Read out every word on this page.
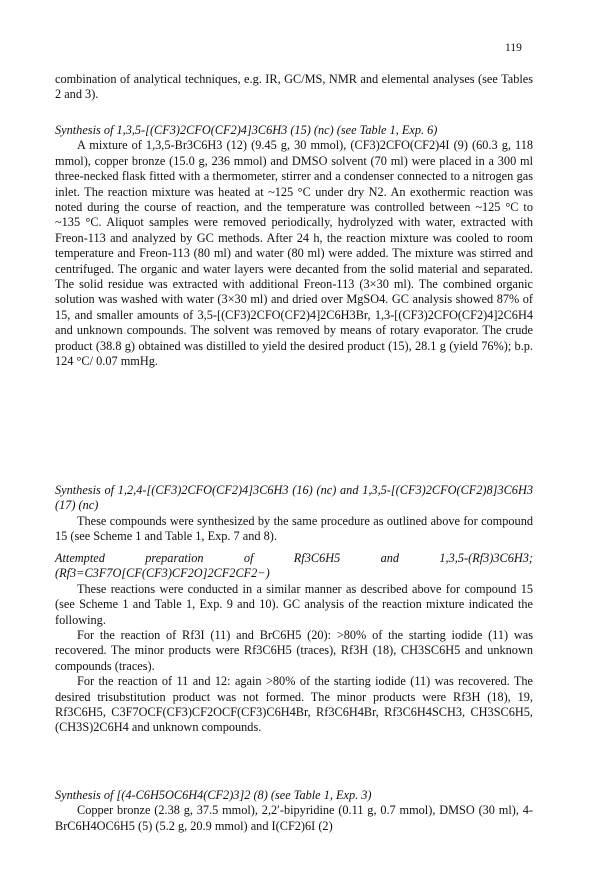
119

combination of analytical techniques, e.g. IR, GC/MS, NMR and elemental analyses (see Tables 2 and 3).

Synthesis of 1,3,5-[(CF3)2CFO(CF2)4]3C6H3 (15) (nc) (see Table 1, Exp. 6)

A mixture of 1,3,5-Br3C6H3 (12) (9.45 g, 30 mmol), (CF3)2CFO(CF2)4I (9) (60.3 g, 118 mmol), copper bronze (15.0 g, 236 mmol) and DMSO solvent (70 ml) were placed in a 300 ml three-necked flask fitted with a thermometer, stirrer and a condenser connected to a nitrogen gas inlet. The reaction mixture was heated at ~125 °C under dry N2. An exothermic reaction was noted during the course of reaction, and the temperature was controlled between ~125 °C to ~135 °C. Aliquot samples were removed periodically, hydrolyzed with water, extracted with Freon-113 and analyzed by GC methods. After 24 h, the reaction mixture was cooled to room temperature and Freon-113 (80 ml) and water (80 ml) were added. The mixture was stirred and centrifuged. The organic and water layers were decanted from the solid material and separated. The solid residue was extracted with additional Freon-113 (3×30 ml). The combined organic solution was washed with water (3×30 ml) and dried over MgSO4. GC analysis showed 87% of 15, and smaller amounts of 3,5-[(CF3)2CFO(CF2)4]2C6H3Br, 1,3-[(CF3)2CFO(CF2)4]2C6H4 and unknown compounds. The solvent was removed by means of rotary evaporator. The crude product (38.8 g) obtained was distilled to yield the desired product (15), 28.1 g (yield 76%); b.p. 124 °C/ 0.07 mmHg.

Synthesis of 1,2,4-[(CF3)2CFO(CF2)4]3C6H3 (16) (nc) and 1,3,5-[(CF3)2CFO(CF2)8]3C6H3 (17) (nc)

These compounds were synthesized by the same procedure as outlined above for compound 15 (see Scheme 1 and Table 1, Exp. 7 and 8).

Attempted preparation of Rf3C6H5 and 1,3,5-(Rf3)3C6H3; (Rf3=C3F7O[CF(CF3)CF2O]2CF2CF2−)

These reactions were conducted in a similar manner as described above for compound 15 (see Scheme 1 and Table 1, Exp. 9 and 10). GC analysis of the reaction mixture indicated the following.

For the reaction of Rf3I (11) and BrC6H5 (20): >80% of the starting iodide (11) was recovered. The minor products were Rf3C6H5 (traces), Rf3H (18), CH3SC6H5 and unknown compounds (traces).

For the reaction of 11 and 12: again >80% of the starting iodide (11) was recovered. The desired trisubstitution product was not formed. The minor products were Rf3H (18), 19, Rf3C6H5, C3F7OCF(CF3)CF2OCF(CF3)C6H4Br, Rf3C6H4Br, Rf3C6H4SCH3, CH3SC6H5, (CH3S)2C6H4 and unknown compounds.

Synthesis of [(4-C6H5OC6H4(CF2)3]2 (8) (see Table 1, Exp. 3)

Copper bronze (2.38 g, 37.5 mmol), 2,2′-bipyridine (0.11 g, 0.7 mmol), DMSO (30 ml), 4-BrC6H4OC6H5 (5) (5.2 g, 20.9 mmol) and I(CF2)6I (2)
